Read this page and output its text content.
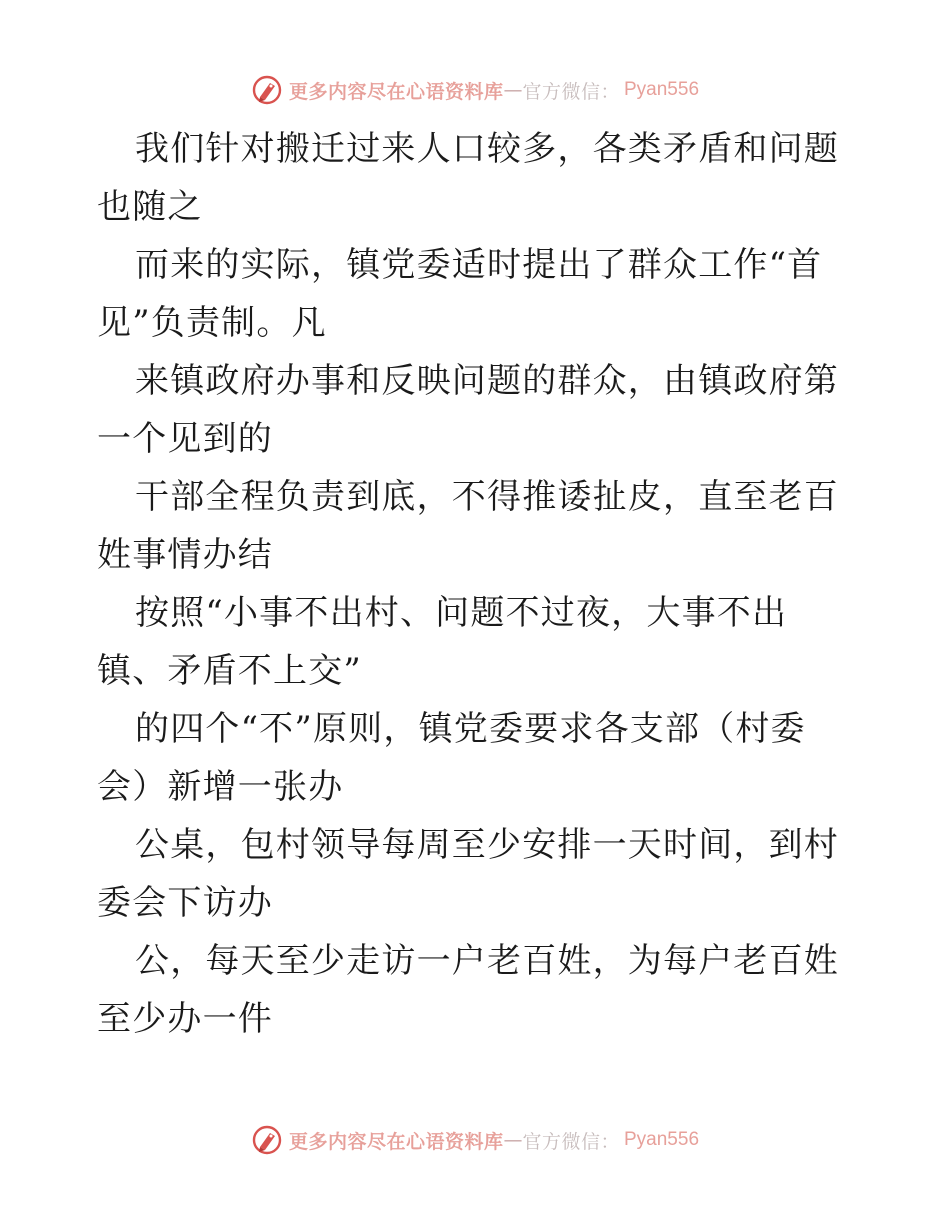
更多内容尽在心语资料库 — 官方微信： Pyan556

我们针对搬迁过来人口较多，各类矛盾和问题也随之

而来的实际，镇党委适时提出了群众工作“首见”负责制。凡

来镇政府办事和反映问题的群众，由镇政府第一个见到的

干部全程负责到底，不得推诿扯皮，直至老百姓事情办结

按照“小事不出村、问题不过夜，大事不出镇、矛盾不上交”

的四个“不”原则，镇党委要求各支部（村委会）新增一张办

公桌，包村领导每周至少安排一天时间，到村委会下访办

公，每天至少走访一户老百姓，为每户老百姓至少办一件

更多内容尽在心语资料库 — 官方微信： Pyan556
